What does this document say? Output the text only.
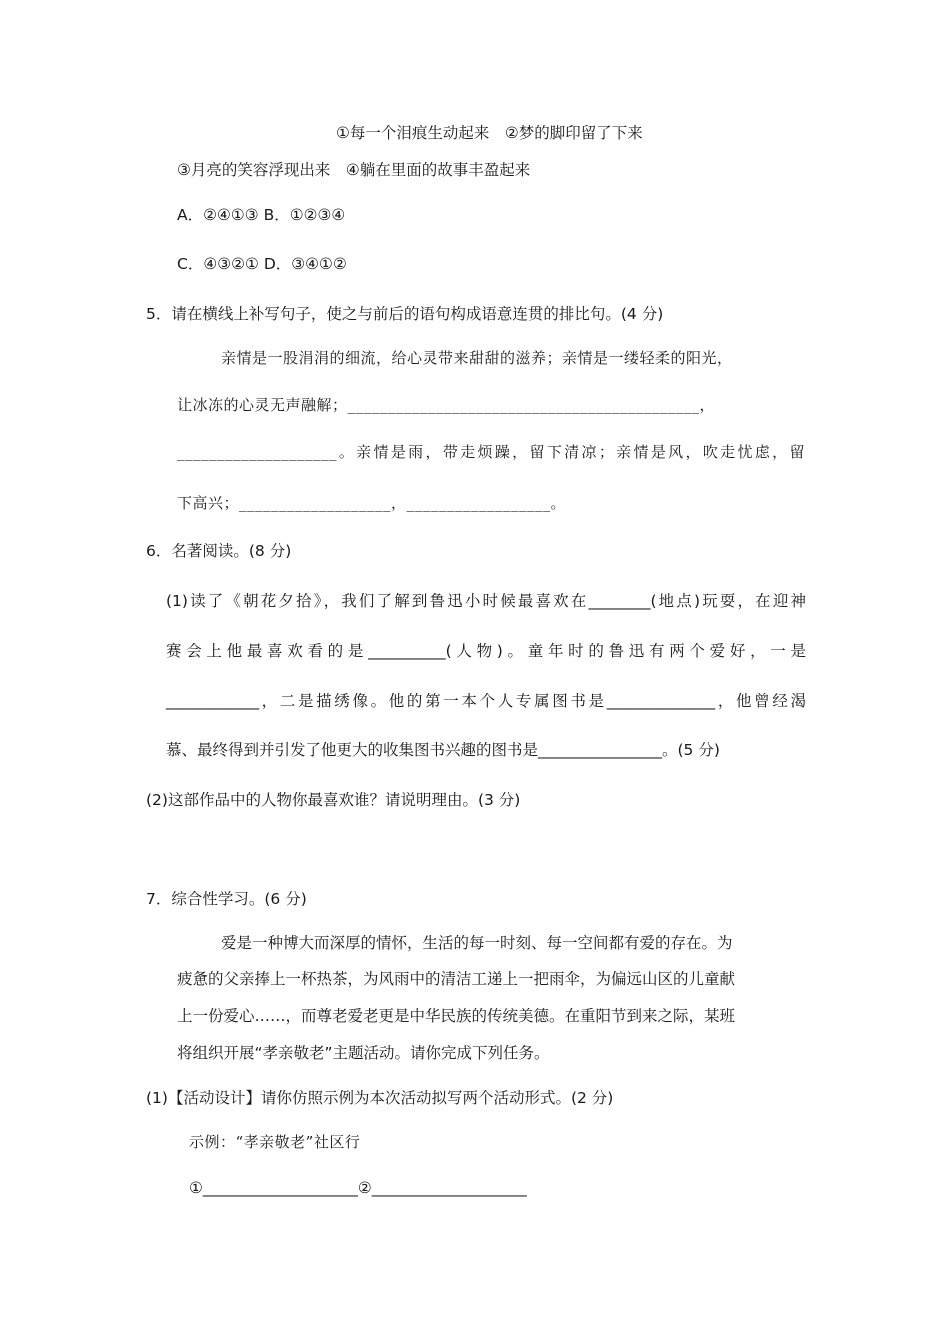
①每一个泪痕生动起来　②梦的脚印留了下来
③月亮的笑容浮现出来　④躺在里面的故事丰盈起来
A．②④①③ B．①②③④
C．④③②① D．③④①②
5．请在横线上补写句子，使之与前后的语句构成语意连贯的排比句。(4 分)
亲情是一股涓涓的细流，给心灵带来甜甜的滋养；亲情是一缕轻柔的阳光，
让冰冻的心灵无声融解；____________________________________________，
____________________。亲情是雨，带走烦躁，留下清凉；亲情是风，吹走忧虑，留
下高兴；___________________，__________________。
6．名著阅读。(8 分)
(1)读了《朝花夕拾》，我们了解到鲁迅小时候最喜欢在________(地点)玩耍，在迎神
赛会上他最喜欢看的是__________(人物)。童年时的鲁迅有两个爱好，一是
____________，二是描绣像。他的第一本个人专属图书是______________，他曾经渴
慕、最终得到并引发了他更大的收集图书兴趣的图书是________________。(5 分)
(2)这部作品中的人物你最喜欢谁？请说明理由。(3 分)
7．综合性学习。(6 分)
爱是一种博大而深厚的情怀，生活的每一时刻、每一空间都有爱的存在。为
疲惫的父亲捧上一杯热茶，为风雨中的清洁工递上一把雨伞，为偏远山区的儿童献
上一份爱心……，而尊老爱老更是中华民族的传统美德。在重阳节到来之际，某班
将组织开展“孝亲敬老”主题活动。请你完成下列任务。
(1)【活动设计】请你仿照示例为本次活动拟写两个活动形式。(2 分)
示例：“孝亲敬老”社区行
①____________________②____________________
